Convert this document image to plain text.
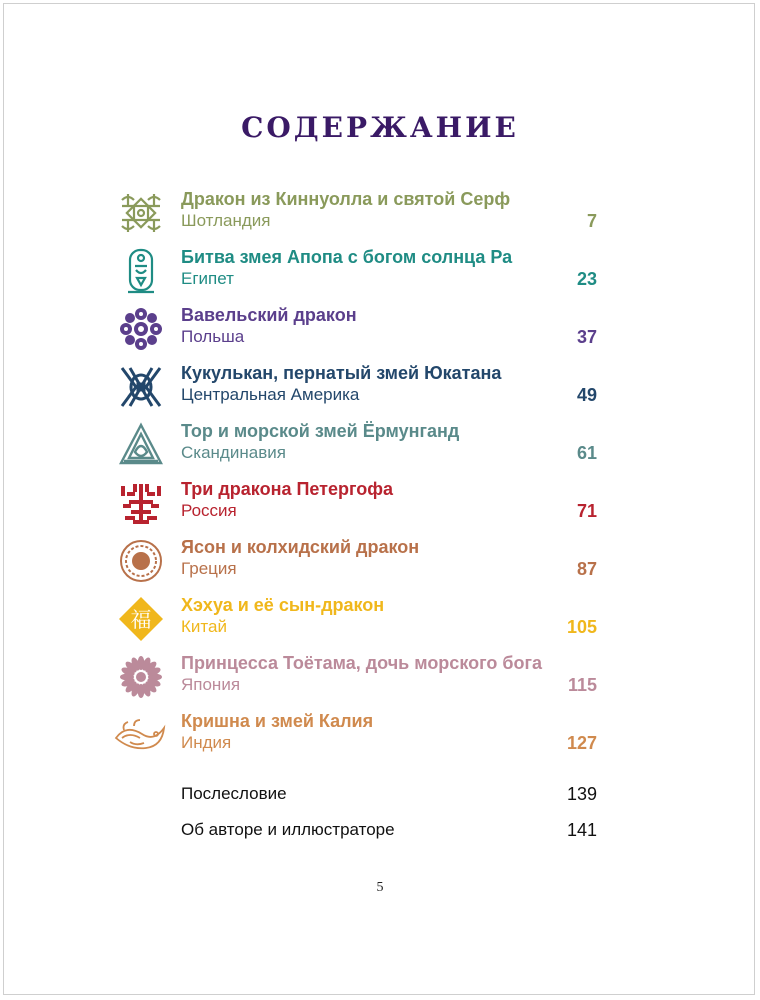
содержание
Дракон из Киннуолла и святой Серф
Шотландия	7
Битва змея Апопа с богом солнца Ра
Египет	23
Вавельский дракон
Польша	37
Кукулькан, пернатый змей Юкатана
Центральная Америка	49
Тор и морской змей Ёрмунганд
Скандинавия	61
Три дракона Петергофа
Россия	71
Ясон и колхидский дракон
Греция	87
福
Хэхуа и её сын-дракон
Китай	105
Принцесса Тоётама, дочь морского бога
Япония	115
Кришна и змей Калия
Индия	127
Послесловие	139
Об авторе и иллюстраторе	141
5
